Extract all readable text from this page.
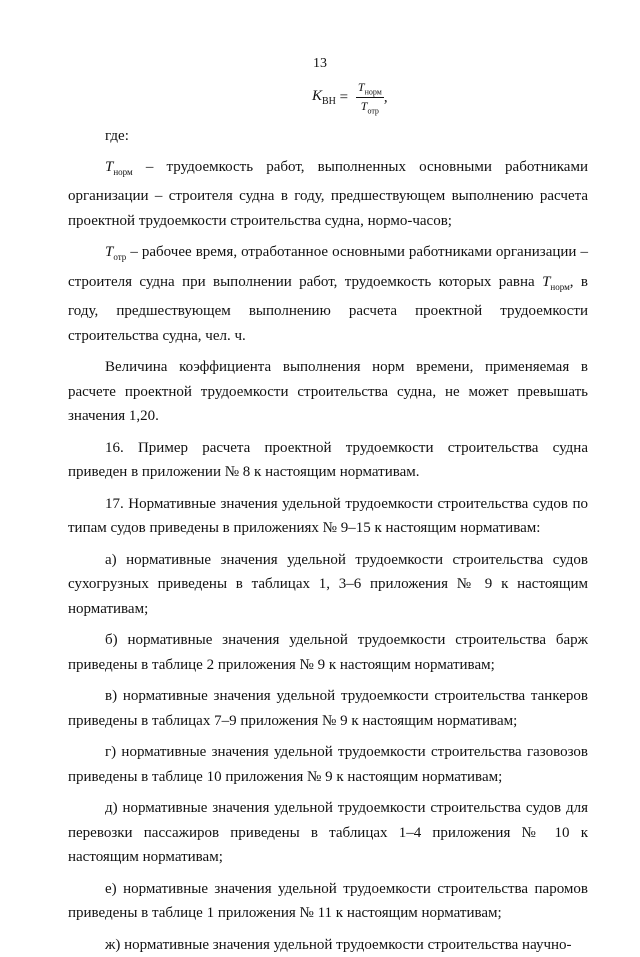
13
$K_{ВН} = \frac{T_{норм}}{T_{отр}}$ ,

где:

$T_{норм}$ – трудоемкость работ, выполненных основными работниками организации – строителя судна в году, предшествующем выполнению расчета проектной трудоемкости строительства судна, нормо-часов;

$T_{отр}$ – рабочее время, отработанное основными работниками организации – строителя судна при выполнении работ, трудоемкость которых равна $T_{норм}$, в году, предшествующем выполнению расчета проектной трудоемкости строительства судна, чел. ч.

Величина коэффициента выполнения норм времени, применяемая в расчете проектной трудоемкости строительства судна, не может превышать значения 1,20.

16. Пример расчета проектной трудоемкости строительства судна приведен в приложении № 8 к настоящим нормативам.

17. Нормативные значения удельной трудоемкости строительства судов по типам судов приведены в приложениях № 9–15 к настоящим нормативам:

а) нормативные значения удельной трудоемкости строительства судов сухогрузных приведены в таблицах 1, 3–6 приложения № 9 к настоящим нормативам;

б) нормативные значения удельной трудоемкости строительства барж приведены в таблице 2 приложения № 9 к настоящим нормативам;

в) нормативные значения удельной трудоемкости строительства танкеров приведены в таблицах 7–9 приложения № 9 к настоящим нормативам;

г) нормативные значения удельной трудоемкости строительства газовозов приведены в таблице 10 приложения № 9 к настоящим нормативам;

д) нормативные значения удельной трудоемкости строительства судов для перевозки пассажиров приведены в таблицах 1–4 приложения № 10 к настоящим нормативам;

е) нормативные значения удельной трудоемкости строительства паромов приведены в таблице 1 приложения № 11 к настоящим нормативам;

ж) нормативные значения удельной трудоемкости строительства научно-
